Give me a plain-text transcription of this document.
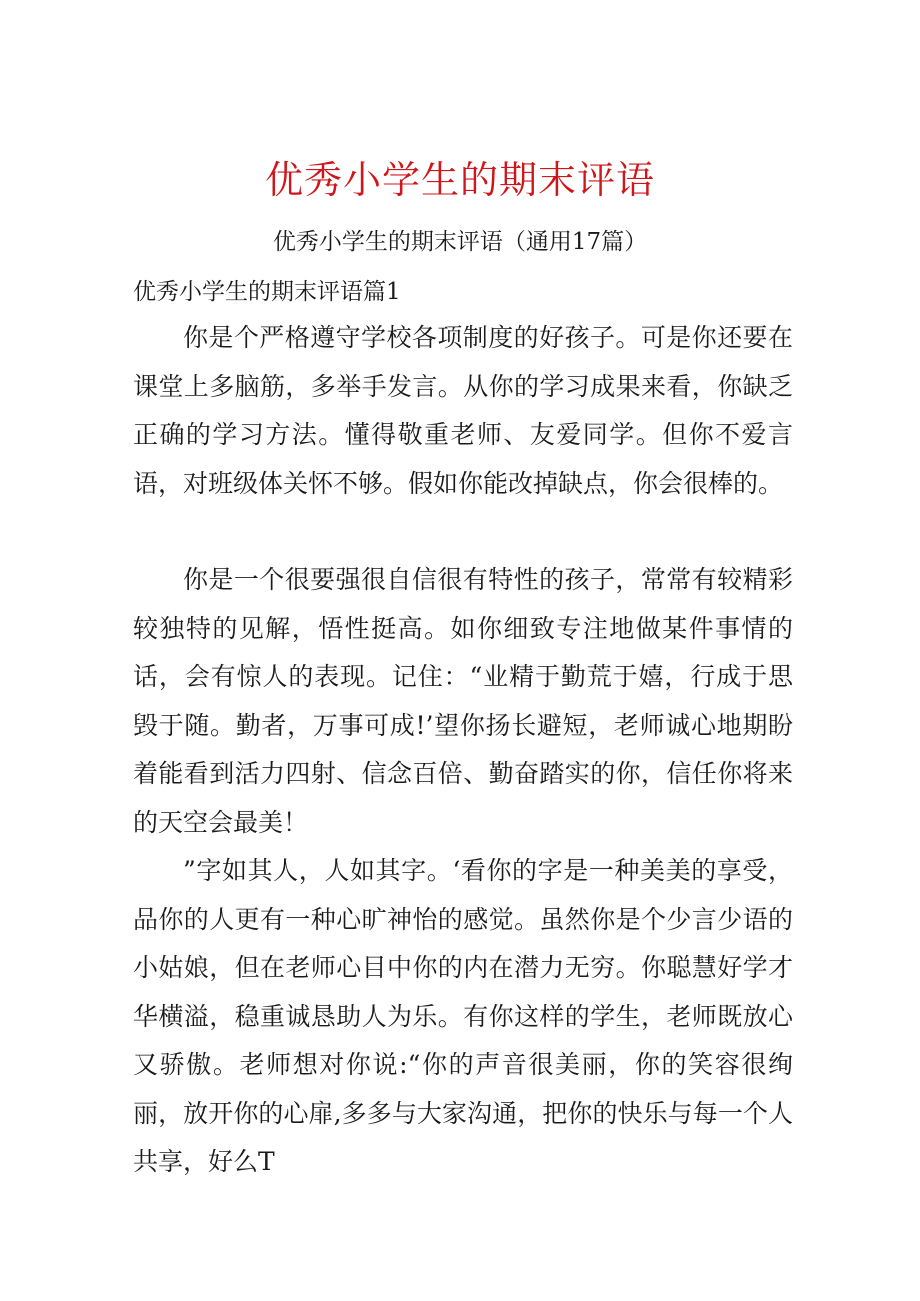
优秀小学生的期末评语
优秀小学生的期末评语（通用17篇）
优秀小学生的期末评语篇1

你是个严格遵守学校各项制度的好孩子。可是你还要在课堂上多脑筋，多举手发言。从你的学习成果来看，你缺乏正确的学习方法。懂得敬重老师、友爱同学。但你不爱言语，对班级体关怀不够。假如你能改掉缺点，你会很棒的。

你是一个很要强很自信很有特性的孩子，常常有较精彩较独特的见解，悟性挺高。如你细致专注地做某件事情的话，会有惊人的表现。记住：“业精于勤荒于嬉，行成于思毁于随。勤者，万事可成!’望你扬长避短，老师诚心地期盼着能看到活力四射、信念百倍、勤奋踏实的你，信任你将来的天空会最美！

”字如其人，人如其字。‘看你的字是一种美美的享受，品你的人更有一种心旷神怡的感觉。虽然你是个少言少语的小姑娘，但在老师心目中你的内在潜力无穷。你聪慧好学才华横溢，稳重诚恳助人为乐。有你这样的学生，老师既放心又骄傲。老师想对你说:“你的声音很美丽，你的笑容很绚丽，放开你的心扉,多多与大家沟通，把你的快乐与每一个人共享，好么T
